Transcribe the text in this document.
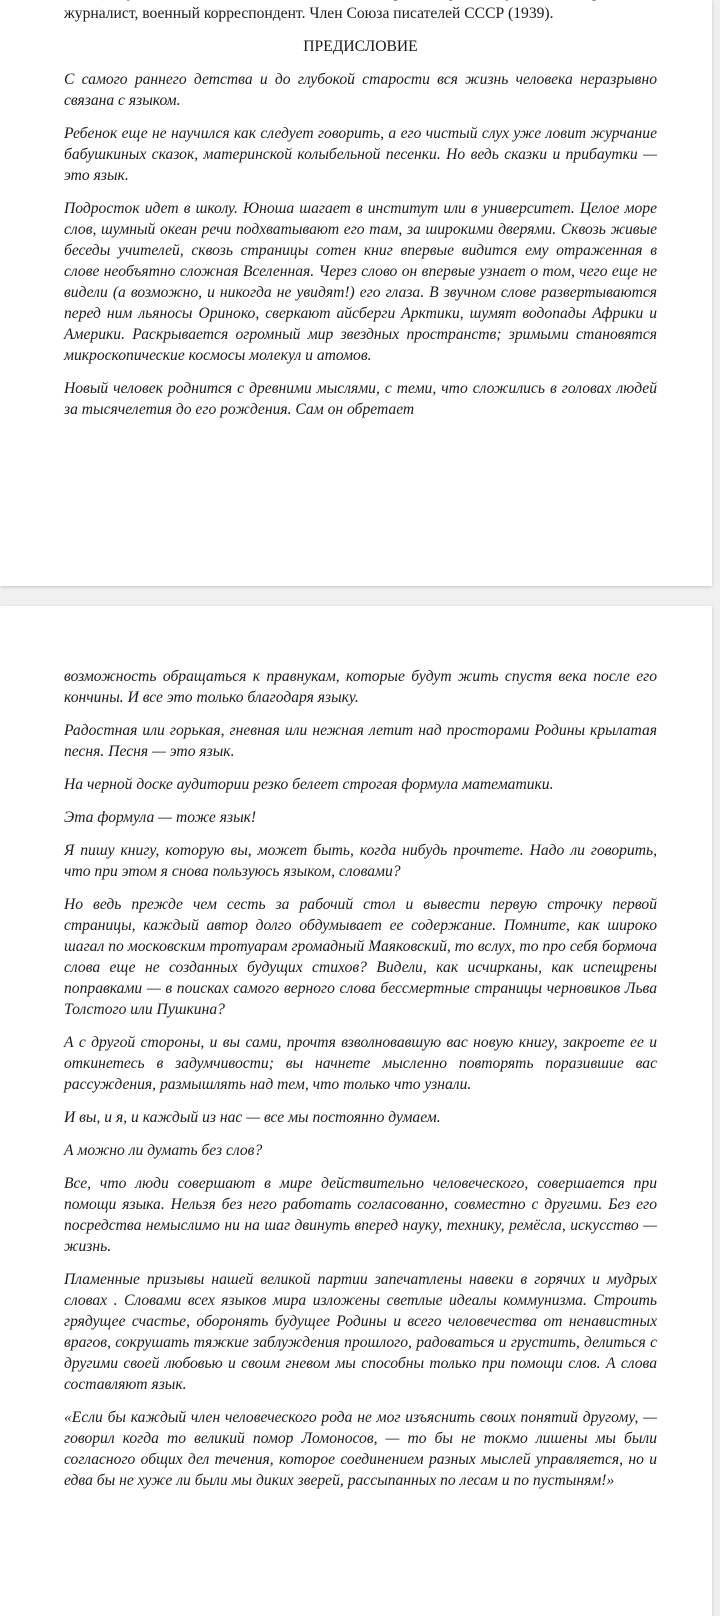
журналист, военный корреспондент. Член Союза писателей СССР (1939).

ПРЕДИСЛОВИЕ

С самого раннего детства и до глубокой старости вся жизнь человека неразрывно связана с языком.

Ребенок еще не научился как следует говорить, а его чистый слух уже ловит журчание бабушкиных сказок, материнской колыбельной песенки. Но ведь сказки и прибаутки — это язык.

Подросток идет в школу. Юноша шагает в институт или в университет. Целое море слов, шумный океан речи подхватывают его там, за широкими дверями. Сквозь живые беседы учителей, сквозь страницы сотен книг впервые видится ему отраженная в слове необъятно сложная Вселенная. Через слово он впервые узнает о том, чего еще не видели (а возможно, и никогда не увидят!) его глаза. В звучном слове развертываются перед ним льяносы Ориноко, сверкают айсберги Арктики, шумят водопады Африки и Америки. Раскрывается огромный мир звездных пространств; зримыми становятся микроскопические космосы молекул и атомов.

Новый человек роднится с древними мыслями, с теми, что сложились в головах людей за тысячелетия до его рождения. Сам он обретает

возможность обращаться к правнукам, которые будут жить спустя века после его кончины. И все это только благодаря языку.

Радостная или горькая, гневная или нежная летит над просторами Родины крылатая песня. Песня — это язык.

На черной доске аудитории резко белеет строгая формула математики.

Эта формула — тоже язык!

Я пишу книгу, которую вы, может быть, когда нибудь прочтете. Надо ли говорить, что при этом я снова пользуюсь языком, словами?

Но ведь прежде чем сесть за рабочий стол и вывести первую строчку первой страницы, каждый автор долго обдумывает ее содержание. Помните, как широко шагал по московским тротуарам громадный Маяковский, то вслух, то про себя бормоча слова еще не созданных будущих стихов? Видели, как исчирканы, как испещрены поправками — в поисках самого верного слова бессмертные страницы черновиков Льва Толстого или Пушкина?

А с другой стороны, и вы сами, прочтя взволновавшую вас новую книгу, закроете ее и откинетесь в задумчивости; вы начнете мысленно повторять поразившие вас рассуждения, размышлять над тем, что только что узнали.

И вы, и я, и каждый из нас — все мы постоянно думаем.

А можно ли думать без слов?

Все, что люди совершают в мире действительно человеческого, совершается при помощи языка. Нельзя без него работать согласованно, совместно с другими. Без его посредства немыслимо ни на шаг двинуть вперед науку, технику, ремёсла, искусство — жизнь.

Пламенные призывы нашей великой партии запечатлены навеки в горячих и мудрых словах . Словами всех языков мира изложены светлые идеалы коммунизма. Строить грядущее счастье, оборонять будущее Родины и всего человечества от ненавистных врагов, сокрушать тяжкие заблуждения прошлого, радоваться и грустить, делиться с другими своей любовью и своим гневом мы способны только при помощи слов. А слова составляют язык.

«Если бы каждый член человеческого рода не мог изъяснить своих понятий другому, — говорил когда то великий помор Ломоносов, — то бы не токмо лишены мы были согласного общих дел течения, которое соединением разных мыслей управляется, но и едва бы не хуже ли были мы диких зверей, рассыпанных по лесам и по пустыням!»
